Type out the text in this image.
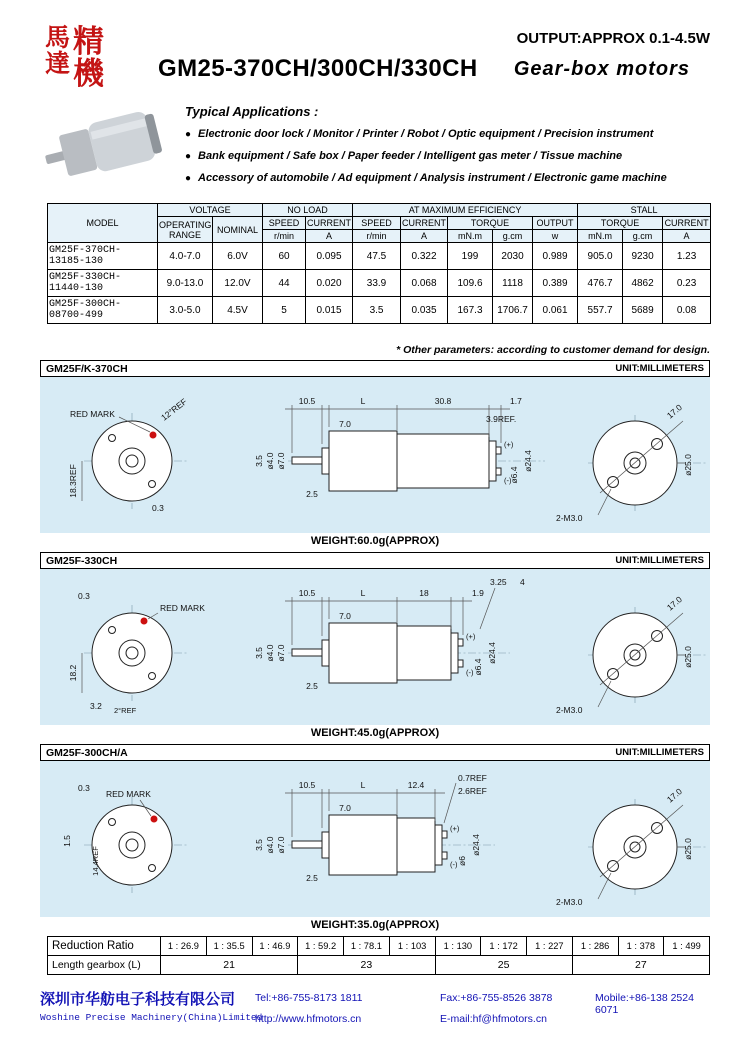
馬
達
精
機 GM25-370CH/300CH/330CH
OUTPUT:APPROX 0.1-4.5W
Gear-box motors
Typical Applications :
● Electronic door lock / Monitor / Printer / Robot / Optic equipment / Precision instrument
● Bank equipment / Safe box / Paper feeder / Intelligent gas meter / Tissue machine
● Accessory of automobile / Ad equipment / Analysis instrument / Electronic game machine
MODEL	VOLTAGE		NO LOAD		AT MAXIMUM EFFICIENCY					STALL		
	OPERATING RANGE	NOMINAL	SPEED	CURRENT	SPEED	CURRENT	TORQUE		OUTPUT	TORQUE		CURRENT
			r/min	A	r/min	A	mN.m	g.cm	w	mN.m	g.cm	A
GM25F-370CH-13185-130	4.0-7.0	6.0V	60	0.095	47.5	0.322	199	2030	0.989	905.0	9230	1.23
GM25F-330CH-11440-130	9.0-13.0	12.0V	44	0.020	33.9	0.068	109.6	1118	0.389	476.7	4862	0.23
GM25F-300CH-08700-499	3.0-5.0	4.5V	5	0.015	3.5	0.035	167.3	1706.7	0.061	557.7	5689	0.08
* Other parameters: according to customer demand for design.
GM25F/K-370CH	UNIT:MILLIMETERS
RED MARK	12°REF
18.3REF
0.3
(+)
(-)
10.5	L	30.8	1.7
3.9REF.
3.5 ø4.0 ø7.0
7.0
2.5
ø6.4
ø24.4
17.0
ø25.0
2-M3.0
WEIGHT:60.0g(APPROX)
GM25F-330CH	UNIT:MILLIMETERS
0.3
RED MARK
18.2
3.2 2°REF
(+)
(-)
10.5	L	18	1.9
3.25 4
3.5 ø4.0 ø7.0
7.0
2.5
ø6.4
ø24.4
17.0
ø25.0
2-M3.0
WEIGHT:45.0g(APPROX)
GM25F-300CH/A	UNIT:MILLIMETERS
0.3
RED MARK
1.5
14.4REF
(+)
(-)
10.5	L	12.4
0.7REF
2.6REF
3.5 ø4.0 ø7.0
7.0
2.5
ø6
ø24.4
17.0
ø25.0
2-M3.0
WEIGHT:35.0g(APPROX)
Reduction Ratio	1 : 26.9	1 : 35.5	1 : 46.9	1 : 59.2	1 : 78.1	1 : 103	1 : 130	1 : 172	1 : 227	1 : 286	1 : 378	1 : 499
Length gearbox (L)	21			23			25			27		
深圳市华舫电子科技有限公司
Woshine Precise Machinery(China)Limited
Tel:+86-755-8173 1811	Fax:+86-755-8526 3878	Mobile:+86-138 2524 6071
http://www.hfmotors.cn	E-mail:hf@hfmotors.cn
